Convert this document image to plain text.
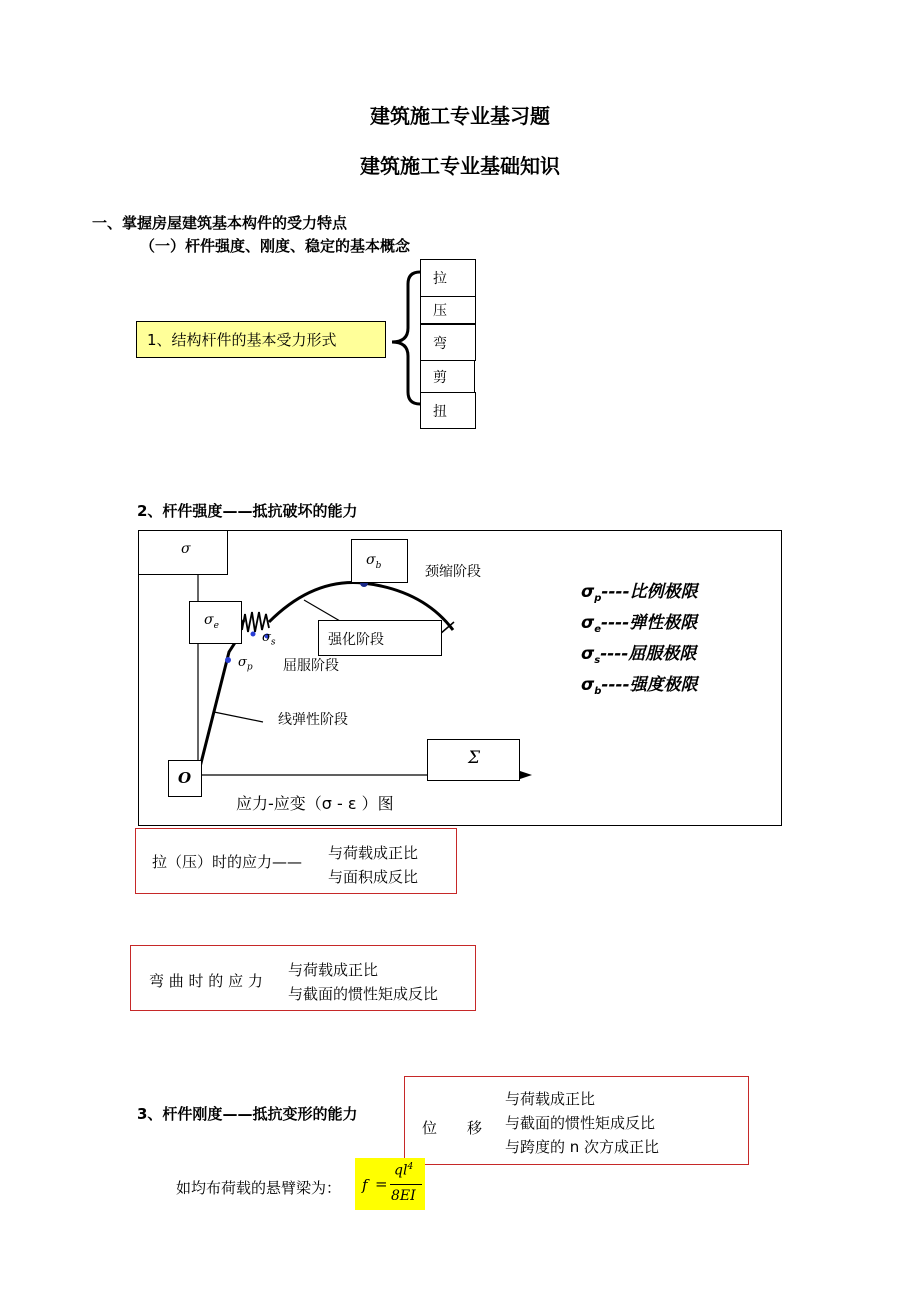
建筑施工专业基习题
建筑施工专业基础知识
一、掌握房屋建筑基本构件的受力特点
（一）杆件强度、刚度、稳定的基本概念
1、结构杆件的基本受力形式
拉
压
弯
剪
扭
2、杆件强度——抵抗破坏的能力
σ
$\sigma_b$
$\sigma_e$
强化阶段
Σ
O
$\sigma_s$
$\sigma_p$
颈缩阶段
屈服阶段
线弹性阶段
应力-应变（σ - ε ）图
$\sigma_p----$比例极限
$\sigma_e----$弹性极限
$\sigma_s----$屈服极限
$\sigma_b----$强度极限
拉（压）时的应力—— 与荷载成正比
与面积成反比
弯 曲 时 的 应 力
与荷载成正比
与截面的惯性矩成反比
3、杆件刚度——抵抗变形的能力
位　　移
与荷载成正比
与截面的惯性矩成反比
与跨度的 n 次方成正比
如均布荷载的悬臂梁为： f =
$ql^4$
8EI
